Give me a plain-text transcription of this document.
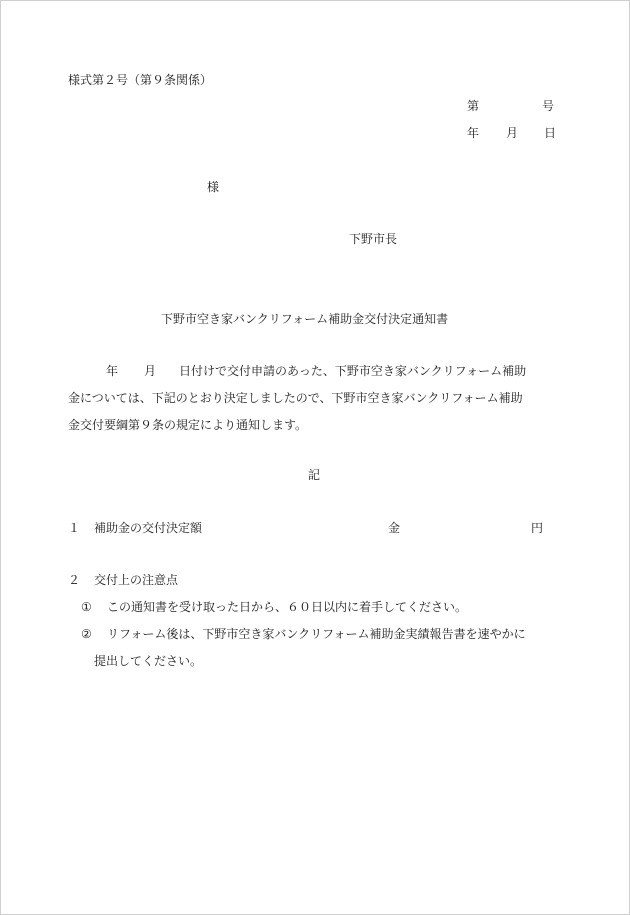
様式第２号（第９条関係）
第	号
年 月 日
様
下野市長
下野市空き家バンクリフォーム補助金交付決定通知書
年 月 日付けで交付申請のあった、下野市空き家バンクリフォーム補助
金については、下記のとおり決定しましたので、下野市空き家バンクリフォーム補助
金交付要綱第９条の規定により通知します。
記
１ 補助金の交付決定額	金	円
２ 交付上の注意点
① この通知書を受け取った日から、６０日以内に着手してください。
② リフォーム後は、下野市空き家バンクリフォーム補助金実績報告書を速やかに
提出してください。
